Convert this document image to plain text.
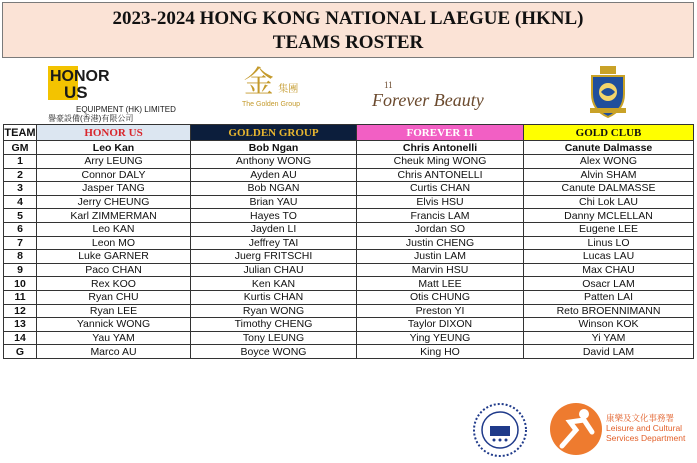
2023-2024 HONG KONG NATIONAL LAEGUE (HKNL)
TEAMS ROSTER
HONOR
US
EQUIPMENT (HK) LIMITED
譽豪設備(香港)有限公司
金 集團
The Golden Group
11
Forever Beauty
TEAM	HONOR US	GOLDEN GROUP	FOREVER 11	GOLD CLUB
GM	Leo Kan	Bob Ngan	Chris Antonelli	Canute Dalmasse
1	Arry LEUNG	Anthony WONG	Cheuk Ming WONG	Alex WONG
2	Connor DALY	Ayden AU	Chris ANTONELLI	Alvin SHAM
3	Jasper TANG	Bob NGAN	Curtis CHAN	Canute DALMASSE
4	Jerry CHEUNG	Brian YAU	Elvis HSU	Chi Lok LAU
5	Karl ZIMMERMAN	Hayes TO	Francis LAM	Danny MCLELLAN
6	Leo KAN	Jayden LI	Jordan SO	Eugene LEE
7	Leon MO	Jeffrey TAI	Justin CHENG	Linus LO
8	Luke GARNER	Juerg FRITSCHI	Justin LAM	Lucas LAU
9	Paco CHAN	Julian CHAU	Marvin HSU	Max CHAU
10	Rex KOO	Ken KAN	Matt LEE	Osacr LAM
11	Ryan CHU	Kurtis CHAN	Otis CHUNG	Patten LAI
12	Ryan LEE	Ryan WONG	Preston YI	Reto BROENNIMANN
13	Yannick WONG	Timothy CHENG	Taylor DIXON	Winson KOK
14	Yau YAM	Tony LEUNG	Ying YEUNG	Yi YAM
G	Marco AU	Boyce WONG	King HO	David LAM
康樂及文化事務署
Leisure and Cultural
Services Department
